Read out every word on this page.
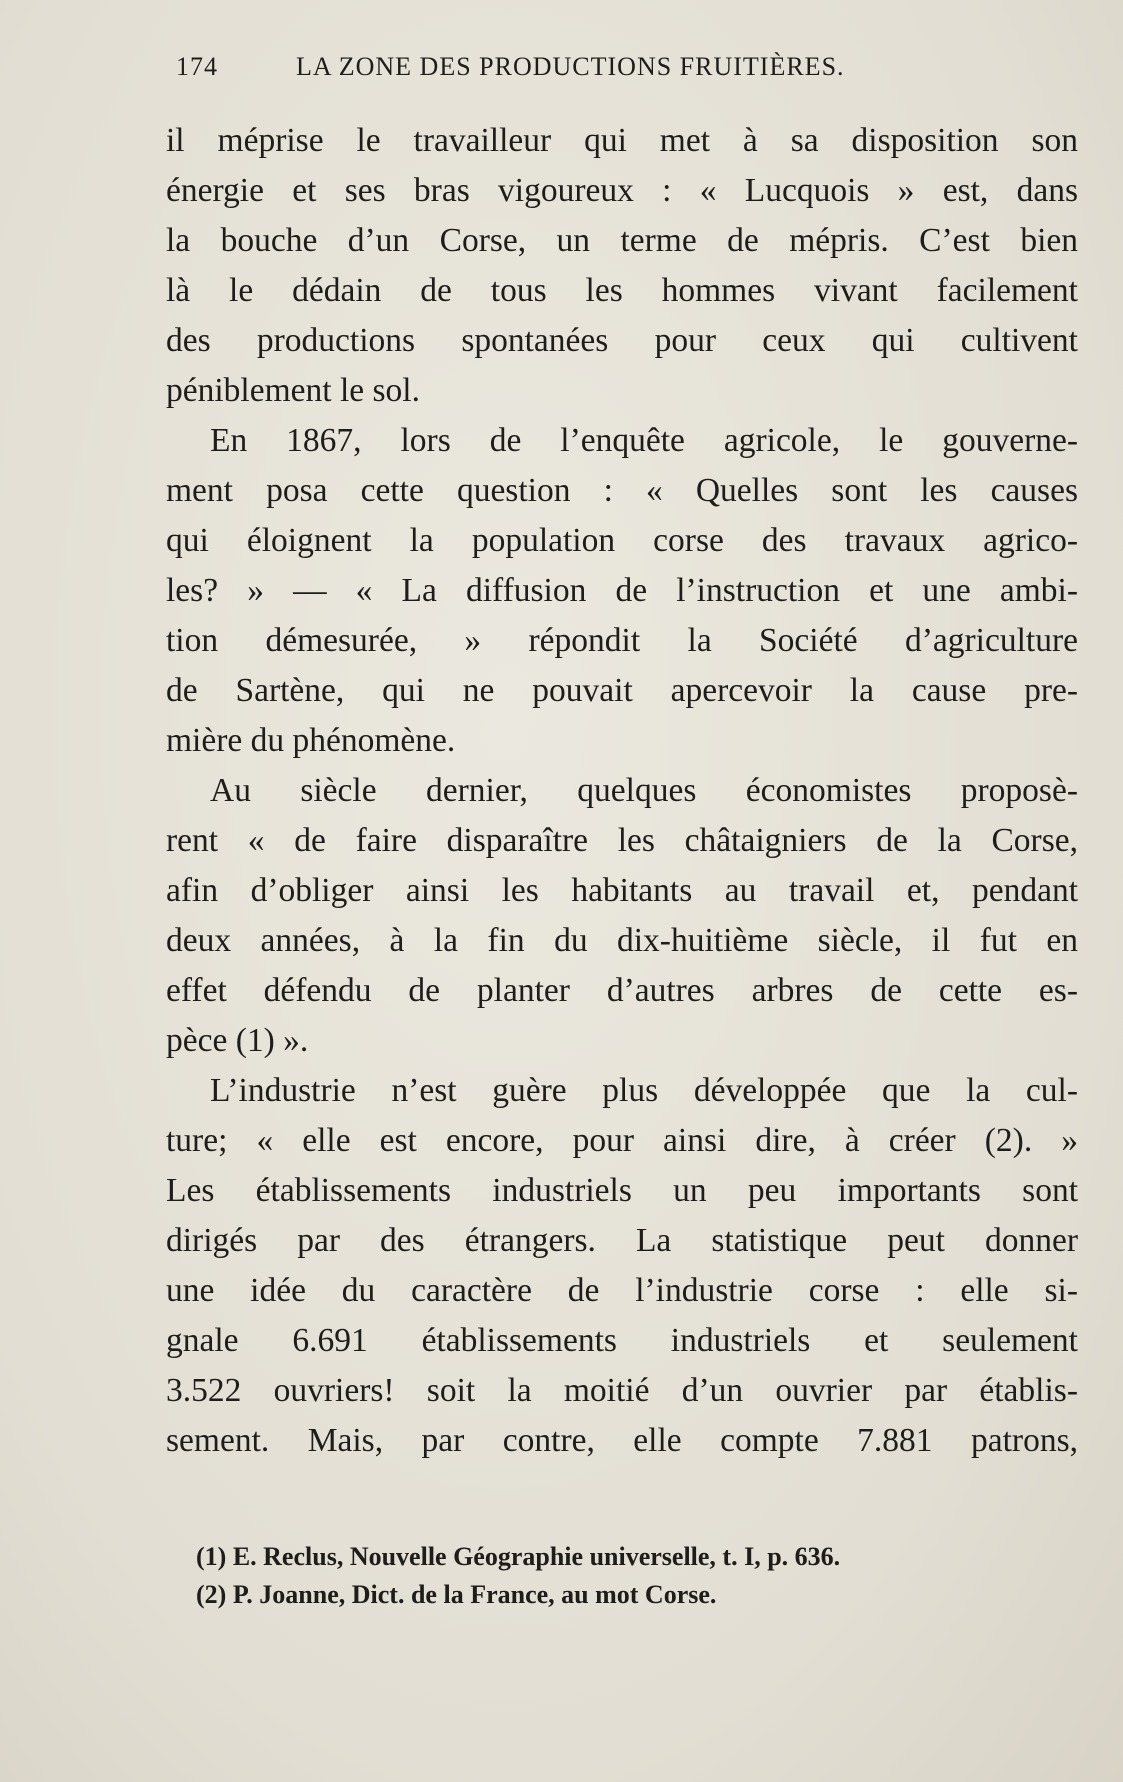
174	LA ZONE DES PRODUCTIONS FRUITIÈRES.
il méprise le travailleur qui met à sa disposition son
énergie et ses bras vigoureux : « Lucquois » est, dans
la bouche d’un Corse, un terme de mépris. C’est bien
là le dédain de tous les hommes vivant facilement
des productions spontanées pour ceux qui cultivent
péniblement le sol.
En 1867, lors de l’enquête agricole, le gouverne-
ment posa cette question : « Quelles sont les causes
qui éloignent la population corse des travaux agrico-
les? » — « La diffusion de l’instruction et une ambi-
tion démesurée, » répondit la Société d’agriculture
de Sartène, qui ne pouvait apercevoir la cause pre-
mière du phénomène.
Au siècle dernier, quelques économistes proposè-
rent « de faire disparaître les châtaigniers de la Corse,
afin d’obliger ainsi les habitants au travail et, pendant
deux années, à la fin du dix-huitième siècle, il fut en
effet défendu de planter d’autres arbres de cette es-
pèce (1) ».
L’industrie n’est guère plus développée que la cul-
ture; « elle est encore, pour ainsi dire, à créer (2). »
Les établissements industriels un peu importants sont
dirigés par des étrangers. La statistique peut donner
une idée du caractère de l’industrie corse : elle si-
gnale 6.691 établissements industriels et seulement
3.522 ouvriers! soit la moitié d’un ouvrier par établis-
sement. Mais, par contre, elle compte 7.881 patrons,
(1) E. Reclus, Nouvelle Géographie universelle, t. I, p. 636.
(2) P. Joanne, Dict. de la France, au mot Corse.
